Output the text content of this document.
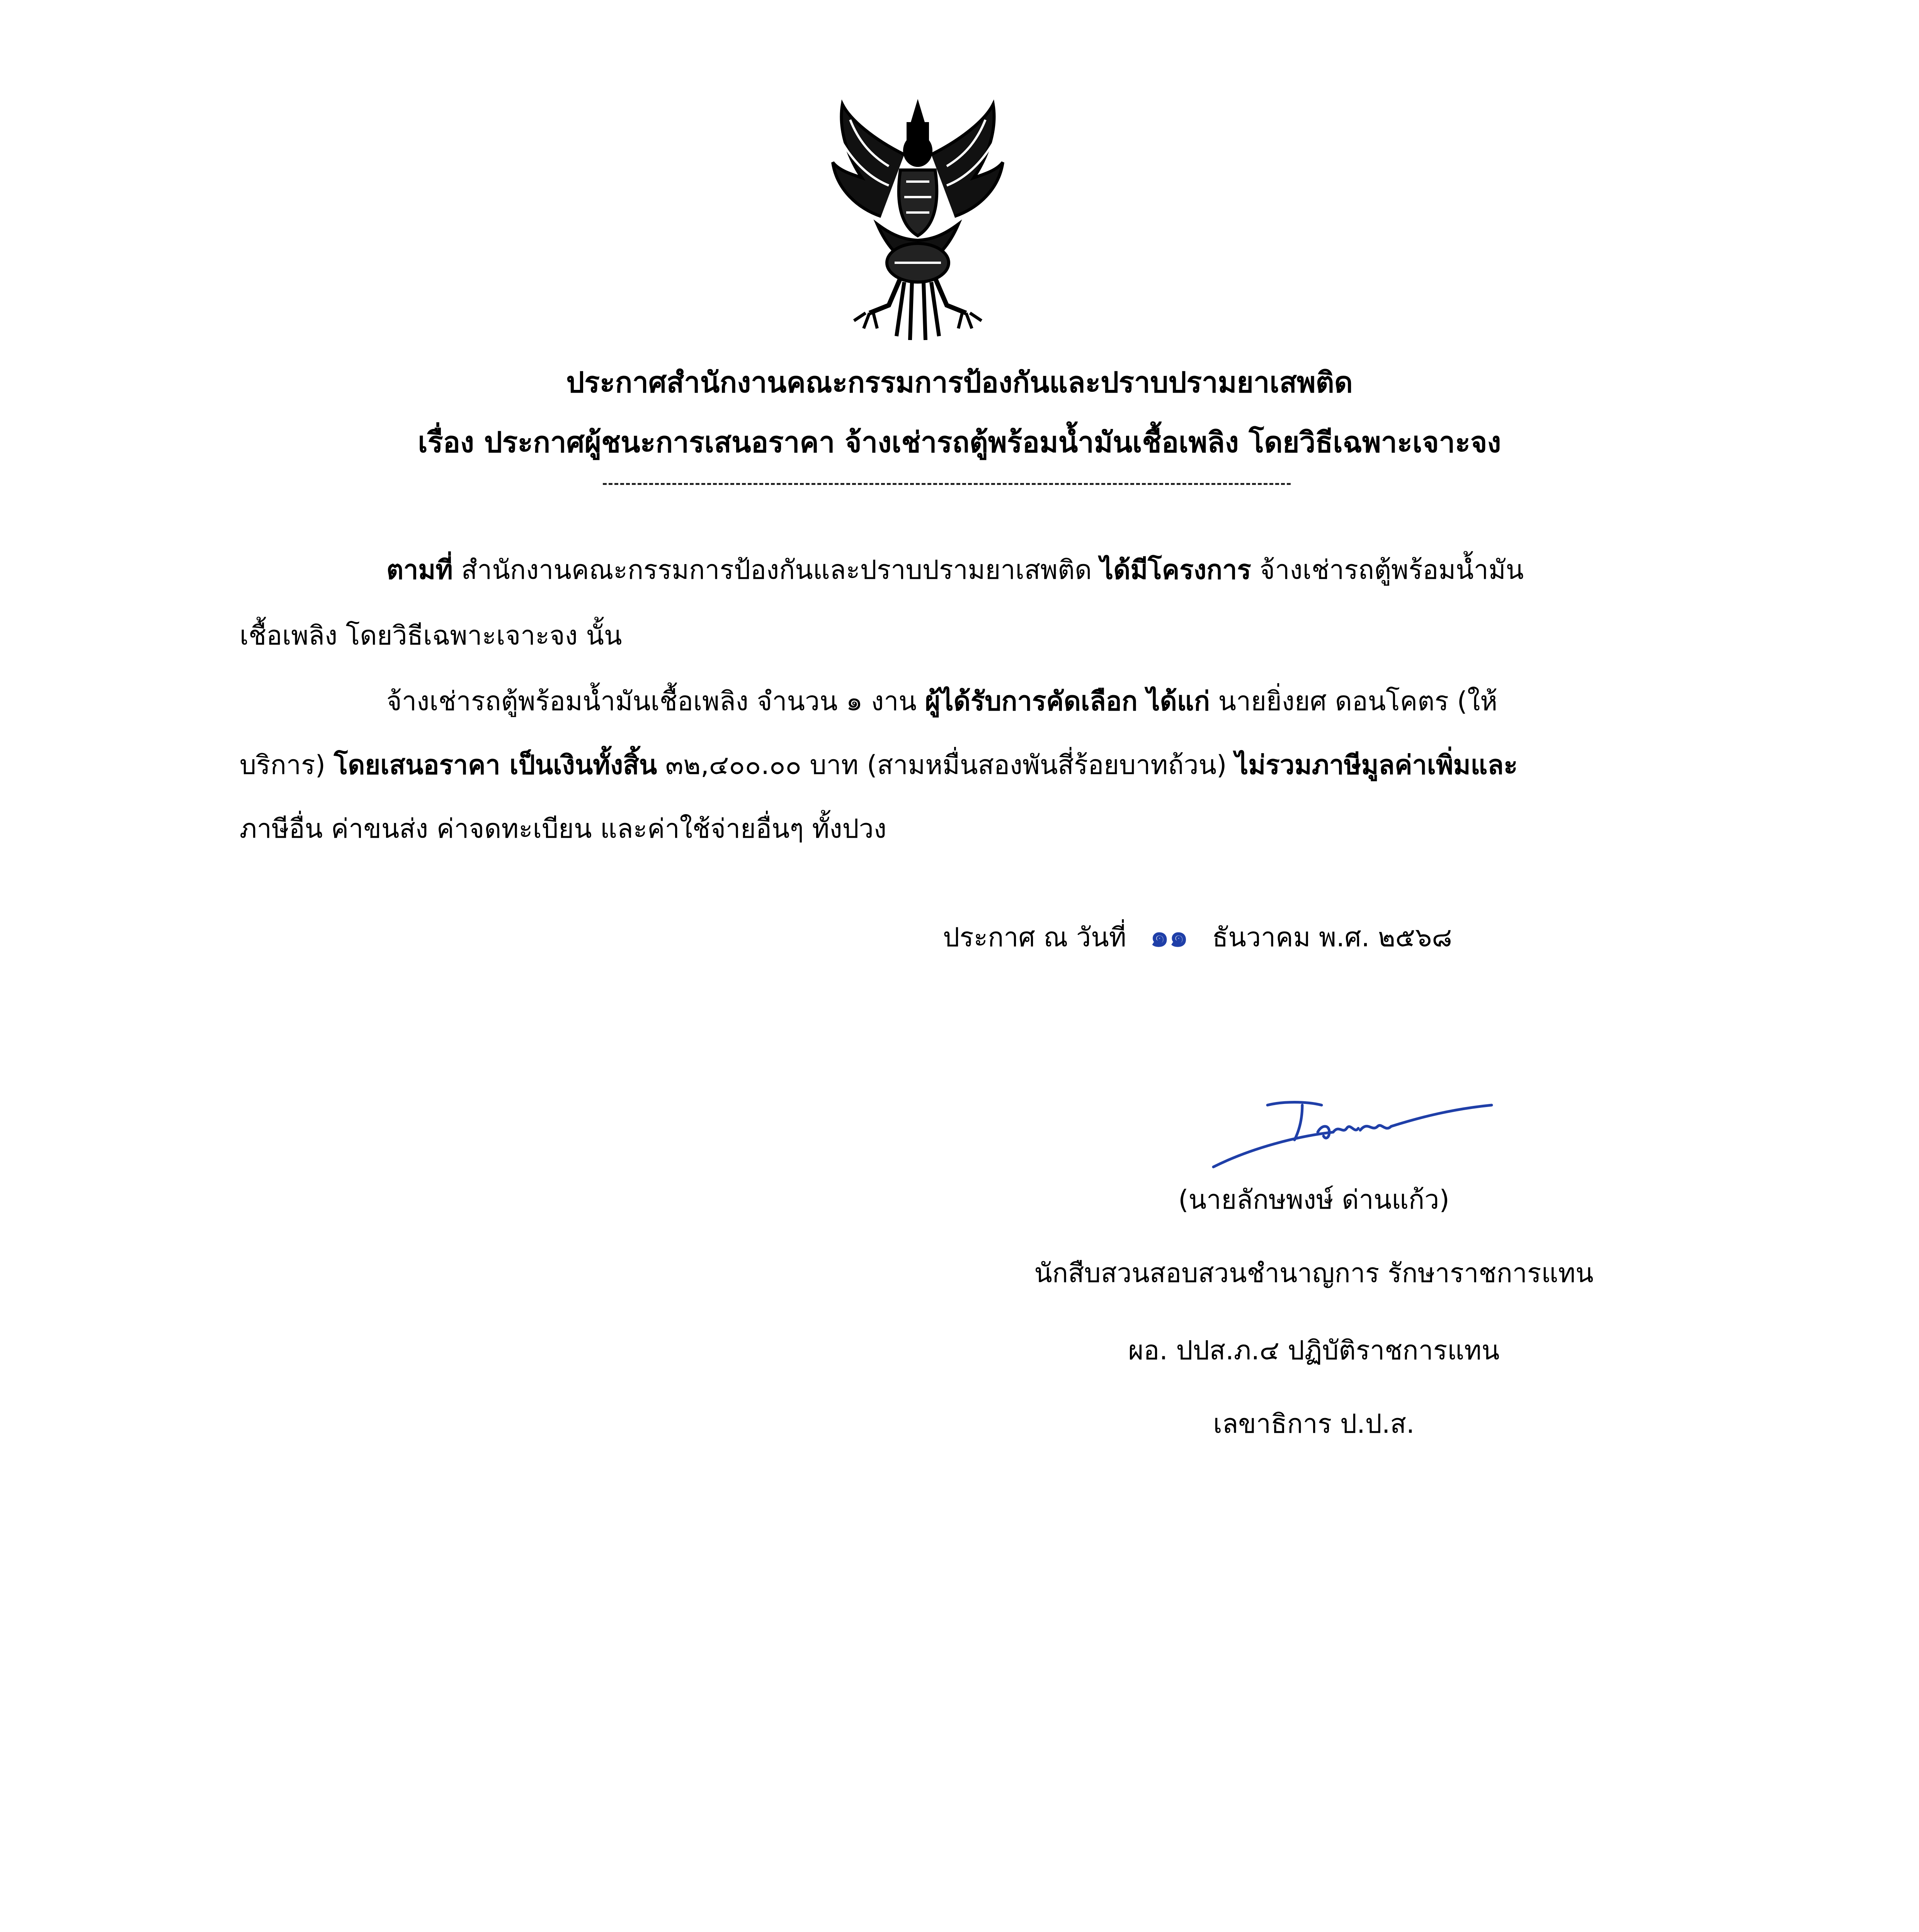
ประกาศสำนักงานคณะกรรมการป้องกันและปราบปรามยาเสพติด
เรื่อง ประกาศผู้ชนะการเสนอราคา จ้างเช่ารถตู้พร้อมน้ำมันเชื้อเพลิง โดยวิธีเฉพาะเจาะจง
ตามที่ สำนักงานคณะกรรมการป้องกันและปราบปรามยาเสพติด ได้มีโครงการ จ้างเช่ารถตู้พร้อมน้ำมัน
เชื้อเพลิง โดยวิธีเฉพาะเจาะจง นั้น
จ้างเช่ารถตู้พร้อมน้ำมันเชื้อเพลิง จำนวน ๑ งาน ผู้ได้รับการคัดเลือก ได้แก่ นายยิ่งยศ ดอนโคตร (ให้
บริการ) โดยเสนอราคา เป็นเงินทั้งสิ้น ๓๒,๔๐๐.๐๐ บาท (สามหมื่นสองพันสี่ร้อยบาทถ้วน) ไม่รวมภาษีมูลค่าเพิ่มและ
ภาษีอื่น ค่าขนส่ง ค่าจดทะเบียน และค่าใช้จ่ายอื่นๆ ทั้งปวง
ประกาศ ณ วันที่ ๑๑ ธันวาคม พ.ศ. ๒๕๖๘
(นายลักษพงษ์ ด่านแก้ว)
นักสืบสวนสอบสวนชำนาญการ รักษาราชการแทน
ผอ. ปปส.ภ.๔ ปฏิบัติราชการแทน
เลขาธิการ ป.ป.ส.
